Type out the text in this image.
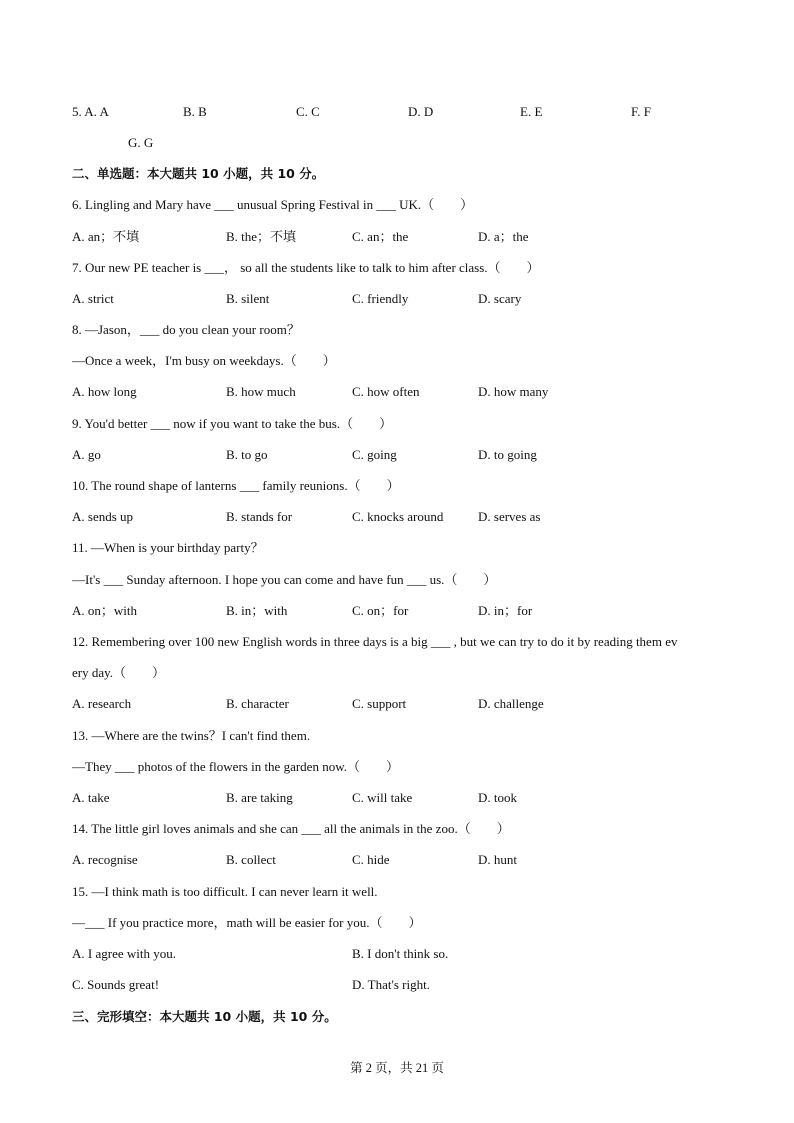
5. A. A	B. B	C. C	D. D	E. E	F. F
G. G
二、单选题：本大题共 10 小题，共 10 分。
6. Lingling and Mary have ___ unusual Spring Festival in ___ UK.（　　）
A. an；不填	B. the；不填	C. an；the	D. a；the
7. Our new PE teacher is ___， so all the students like to talk to him after class.（　　）
A. strict	B. silent	C. friendly	D. scary
8. —Jason，___ do you clean your room？
—Once a week，I'm busy on weekdays.（　　）
A. how long	B. how much	C. how often	D. how many
9. You'd better ___ now if you want to take the bus.（　　）
A. go	B. to go	C. going	D. to going
10. The round shape of lanterns ___ family reunions.（　　）
A. sends up	B. stands for	C. knocks around	D. serves as
11. —When is your birthday party？
—It's ___ Sunday afternoon. I hope you can come and have fun ___ us.（　　）
A. on；with	B. in；with	C. on；for	D. in；for
12. Remembering over 100 new English words in three days is a big ___ , but we can try to do it by reading them ev
ery day.（　　）
A. research	B. character	C. support	D. challenge
13. —Where are the twins？I can't find them.
—They ___ photos of the flowers in the garden now.（　　）
A. take	B. are taking	C. will take	D. took
14. The little girl loves animals and she can ___ all the animals in the zoo.（　　）
A. recognise	B. collect	C. hide	D. hunt
15. —I think math is too difficult. I can never learn it well.
—___ If you practice more，math will be easier for you.（　　）
A. I agree with you.	B. I don't think so.
C. Sounds great!	D. That's right.
三、完形填空：本大题共 10 小题，共 10 分。
第 2 页，共 21 页
